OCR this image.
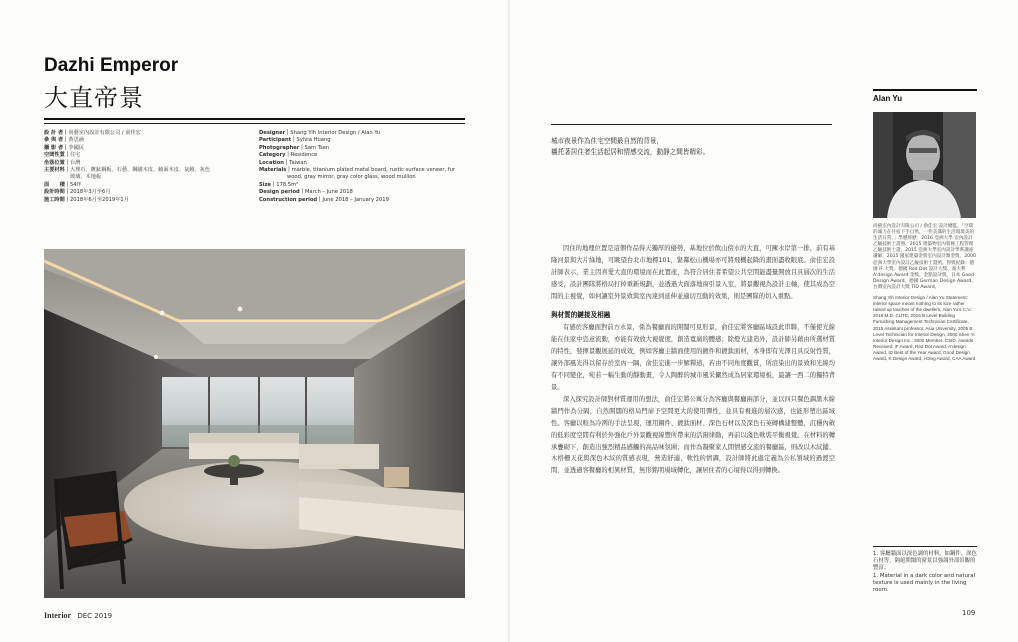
Dazhi Emperor
大直帝景
設 計 者｜尚藝室內設計有限公司 / 俞佳宏
參 與 者｜黃思涵
攝 影 者｜李國民
空間性質｜住宅
坐落位置｜台灣
主要材料｜大理石、鍍鈦鋼板、石藝、鋼刷木皮、鏡面木皮、灰鏡、灰色
　　　　　玻璃、木地板
面　　積｜54坪
設計時間｜2018年3月至6月
施工時間｜2018年6月至2019年1月
Designer｜Shang Yih Interior Design / Alan Yu
Participant｜Sylvia Huang
Photographer｜Sam Tsen
Category｜Residence
Location｜Taiwan
Materials｜marble, titanium plated metal board, rustic surface veneer, fur
wood, gray mirror, gray color glass, wood mullion
Size｜178.5m²
Design period｜March – June 2018
Construction period｜June 2018 – January 2019
Interior DEC 2019
城市夜景作為住宅空間最自然的背景，
襯托著居住者生活起居和情感交流，動靜之間皆精彩。

因住的地理位置是這個作品得天獨厚的優勢，基地位於飲山傍水的大直，可擁水岸第一排，前有基隆河景與大片綠地，可眺望台北市地標101，緊鄰松山機場亦可將飛機起降的畫面盡收眼底。俞佳宏設計師表示，業主因喜愛大直的環境而在此置產，為符合居住者希望公共空間能盡量開放且具層次的生活感受，設計團隊將格局打掉重新規劃，並透過大面落地窗引景入室，將景觀視為設計主軸，使其成為空間的主視覺，如何讓室外景致與室內達到延伸並適切互動的效果，則是團隊的切入重點。

與材質的鏈接及相融

有感於客廳面對前方水景，係為餐廳面的開闊可見形景，俞佳宏將客廳區域設此串聯，不僅使光線能在住家中恣意流動，亦能有效放大視覺度，創造寬廣的體感；除燈光建造外，設計師另藉由所選材質的特性，發揮景觀展延的成效，例如客廳主牆面使用的鍍件和鍍鈦面材，本身即有光澤且具反射性質，讓外部風光得以留存於室內一隅，俞佳宏進一步解釋道，若由不同角度觀賞，所渲染出的景致和光線均有不同變化，宛若一幅生動的靜動畫，令人陶醉的城市風采儼然成為居家環境板，最讓一西二的獨特背景。

深入探究設計師對材質運用的想法，俞佳宏將公寓分為客廳與餐廳兩部分，並以四只餐色調黑木線牆門作為分隔，自然開闊的格局門扉予空間更大的使用彈性，並具有視進的層次感，也能形塑出區域性。客廳以較為冷冽的手法呈現，運用鋼件、鍍鈦面材、深色石材以及深色石英磚構建整體，沉穩內斂的低彩度空間有利於外強化戶外景觀視線豐所帶來的活潑律動，再前以淺色軟裝平衡視覺。在材料的轉承疊砌下，創造出強烈精品感觸的高品味氛圍；而作為凝聚家人間情感交流的餐廳區，則改以木紋鋪、木格柵天花與深色木紋的質感表現，營造舒適、軟性的情調，設計師將此處定義為公私領域的過渡空間，並透過客餐廳的相異材質，無形銘明場域轉化，讓居住者的心境得以得到轉換。

Alan Yu
尚藝室內設計有限公司 / 俞佳宏 設計總監。「空間的魂力在住宿下手自然，一件美滿的生活環境美的生活日常。」學歷經歷：2016 亞洲大學 室內設計乙級技術士證照、2015 建築物室內裝修工程管理乙級技術士證、2015 亞洲大學室內設計學系講座講師、2015 國家建築金獎室內設計類金獎、2000 亞洲大學室內設計乙級技術士證照。得獎紀錄：德國 iF 大獎、德國 Red Dot 設計大獎、義大利 A'design Award 金獎、金點設計獎、日本 Good Design Award、德國 German Design Award、台灣室內設計大獎 TID Award。
Shang Yih Interior Design / Alan Yu Statement: interior space meant nothing to its size rather raised up touches of the dwellers. Alan Yu's C.V.: 2016 M.D. CUTE, 2016 B Level Building Furnishing Management Technician Certificate, 2015 Assistant professor, Asia University, 2005 B Level Technician for Interior Design, 2000 Shen Yi Interior Design Inc., 2000 Member, CSID. Awards Received: iF Award, Red Dot Award, A'design Award, iD Best of the Year Award, Good Design Award, K Design Award, i-Ding Award, CAA Award
1. 客廳牆面以深色調的材料，如鋼件、深色石材等，隔絕開闊的窗景以強調外部景觀的豐富。
1. Material in a dark color and natural texture is used mainly in the living room.
109
